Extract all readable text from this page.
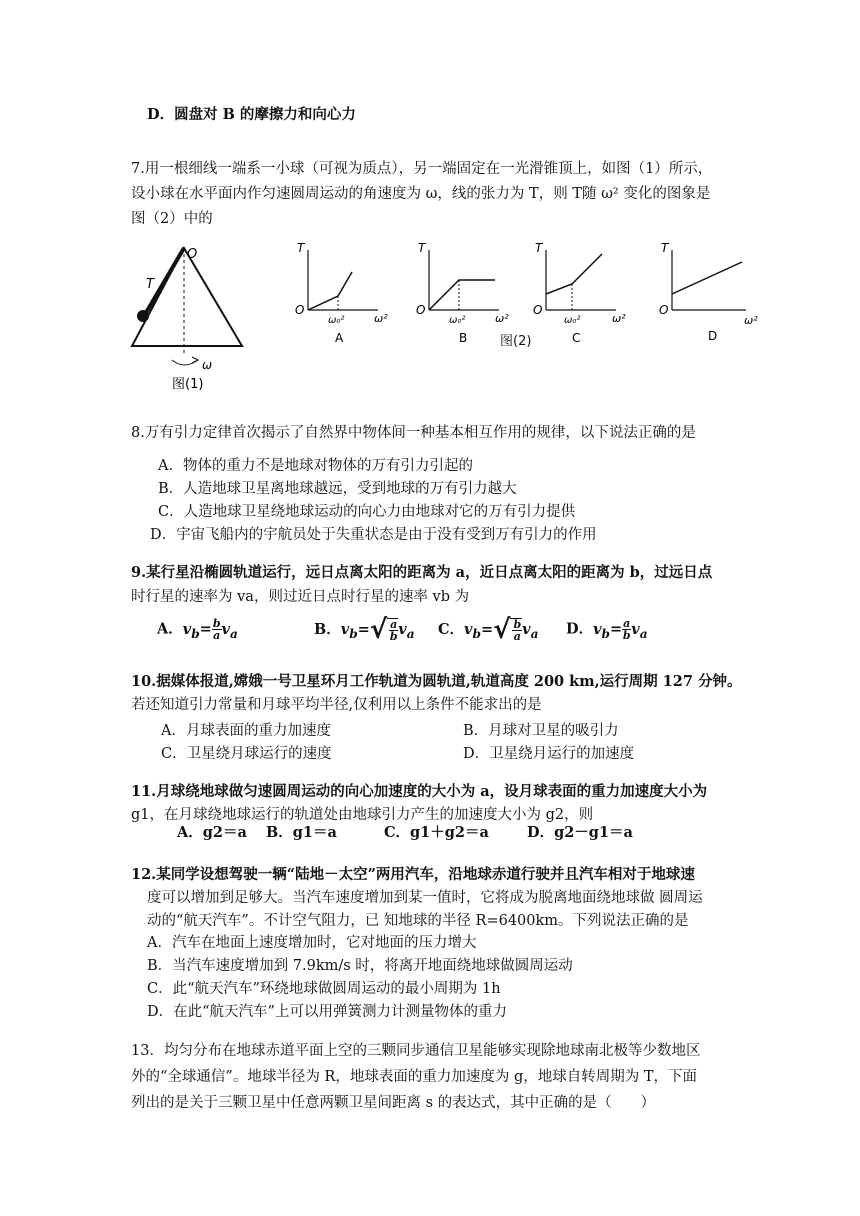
D．圆盘对 B 的摩擦力和向心力
7.用一根细线一端系一小球（可视为质点），另一端固定在一光滑锥顶上，如图（1）所示，
设小球在水平面内作匀速圆周运动的角速度为 ω，线的张力为 T，则 T随 ω² 变化的图象是
图（2）中的
O
T
ω
图(1)
T
O
ω²
ω₀²
A
T
O
ω²
ω₀²
B	图(2)
T
O
ω²
ω₀²
C
T
O
ω²
D
8.万有引力定律首次揭示了自然界中物体间一种基本相互作用的规律，以下说法正确的是
A．物体的重力不是地球对物体的万有引力引起的
B．人造地球卫星离地球越远，受到地球的万有引力越大
C．人造地球卫星绕地球运动的向心力由地球对它的万有引力提供
D．宇宙飞船内的宇航员处于失重状态是由于没有受到万有引力的作用
9.某行星沿椭圆轨道运行，远日点离太阳的距离为 a，近日点离太阳的距离为 b，过远日点
时行星的速率为 va，则过近日点时行星的速率 vb 为
A．$v_b= \frac{b}{a} v_a$	B．$v_b=√ \frac{a}{b} v_a$ C．$v_b=√ \frac{b}{a} v_a$ D．$v_b= \frac{a}{b} v_a$
10.据媒体报道,嫦娥一号卫星环月工作轨道为圆轨道,轨道高度 200 km,运行周期 127 分钟。
若还知道引力常量和月球平均半径,仅利用以上条件不能求出的是
A．月球表面的重力加速度	B．月球对卫星的吸引力
C．卫星绕月球运行的速度	D．卫星绕月运行的加速度
11.月球绕地球做匀速圆周运动的向心加速度的大小为 a，设月球表面的重力加速度大小为
g1，在月球绕地球运行的轨道处由地球引力产生的加速度大小为 g2，则
A．g2＝a B．g1＝a	C．g1＋g2＝a	D．g2－g1＝a
12.某同学设想驾驶一辆“陆地－太空”两用汽车，沿地球赤道行驶并且汽车相对于地球速
度可以增加到足够大。当汽车速度增加到某一值时，它将成为脱离地面绕地球做 圆周运
动的“航天汽车”。不计空气阻力，已 知地球的半径 R=6400km。下列说法正确的是
A．汽车在地面上速度增加时，它对地面的压力增大
B．当汽车速度增加到 7.9km/s 时，将离开地面绕地球做圆周运动
C．此“航天汽车”环绕地球做圆周运动的最小周期为 1h
D．在此“航天汽车”上可以用弹簧测力计测量物体的重力
13．均匀分布在地球赤道平面上空的三颗同步通信卫星能够实现除地球南北极等少数地区
外的“全球通信”。地球半径为 R，地球表面的重力加速度为 g，地球自转周期为 T，下面
列出的是关于三颗卫星中任意两颗卫星间距离 s 的表达式，其中正确的是（　　）
